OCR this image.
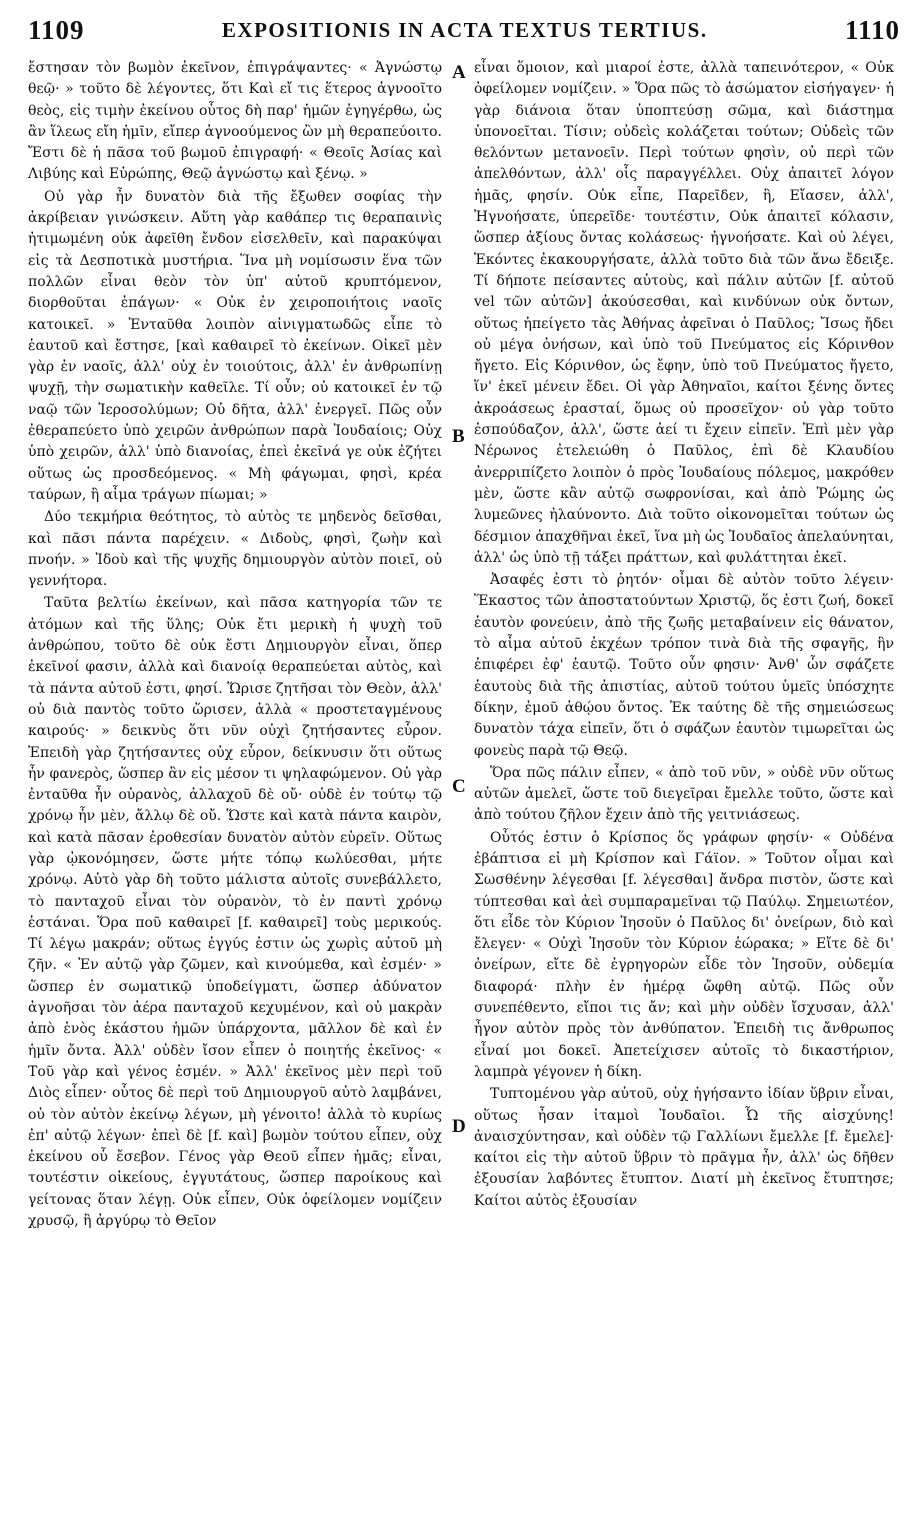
1109	EXPOSITIONIS IN ACTA TEXTUS TERTIUS.	1110

ἔστησαν τὸν βωμὸν ἐκεῖνον, ἐπιγράψαντες· « Ἀγνώστῳ θεῷ· » τοῦτο δὲ λέγοντες, ὅτι Καὶ εἴ τις ἕτερος ἀγνοοῖτο θεὸς, εἰς τιμὴν ἐκείνου οὗτος δὴ παρ' ἡμῶν ἐγηγέρθω, ὡς ἂν ἵλεως εἴη ἡμῖν, εἴπερ ἀγνοούμενος ὢν μὴ θεραπεύοιτο. Ἔστι δὲ ἡ πᾶσα τοῦ βωμοῦ ἐπιγραφή· « Θεοῖς Ἀσίας καὶ Λιβύης καὶ Εὐρώπης, Θεῷ ἀγνώστῳ καὶ ξένῳ. »

Οὐ γὰρ ἦν δυνατὸν διὰ τῆς ἔξωθεν σοφίας τὴν ἀκρίβειαν γινώσκειν. Αὕτη γὰρ καθάπερ τις θεραπαινὶς ἠτιμωμένη οὐκ ἀφεῖθη ἔνδον εἰσελθεῖν, καὶ παρακύψαι εἰς τὰ Δεσποτικὰ μυστήρια. Ἵνα μὴ νομίσωσιν ἕνα τῶν πολλῶν εἶναι θεὸν τὸν ὑπ' αὐτοῦ κρυπτόμενον, διορθοῦται ἐπάγων· « Οὐκ ἐν χειροποιήτοις ναοῖς κατοικεῖ. » Ἐνταῦθα λοιπὸν αἰνιγματωδῶς εἶπε τὸ ἑαυτοῦ καὶ ἔστησε, [καὶ καθαιρεῖ τὸ ἐκείνων. Οἰκεῖ μὲν γὰρ ἐν ναοῖς, ἀλλ' οὐχ ἐν τοιούτοις, ἀλλ' ἐν ἀνθρωπίνῃ ψυχῇ, τὴν σωματικὴν καθεῖλε. Τί οὖν; οὐ κατοικεῖ ἐν τῷ ναῷ τῶν Ἱεροσολύμων; Οὐ δῆτα, ἀλλ' ἐνεργεῖ. Πῶς οὖν ἐθεραπεύετο ὑπὸ χειρῶν ἀνθρώπων παρὰ Ἰουδαίοις; Οὐχ ὑπὸ χειρῶν, ἀλλ' ὑπὸ διανοίας, ἐπεὶ ἐκεῖνά γε οὐκ ἐζήτει οὕτως ὡς προσδεόμενος. « Μὴ φάγωμαι, φησὶ, κρέα ταύρων, ἢ αἷμα τράγων πίωμαι; »

Δύο τεκμήρια θεότητος, τὸ αὐτὸς τε μηδενὸς δεῖσθαι, καὶ πᾶσι πάντα παρέχειν. « Διδοὺς, φησὶ, ζωὴν καὶ πνοήν. » Ἰδοὺ καὶ τῆς ψυχῆς δημιουργὸν αὐτὸν ποιεῖ, οὐ γεννήτορα.

Ταῦτα βελτίω ἐκείνων, καὶ πᾶσα κατηγορία τῶν τε ἀτόμων καὶ τῆς ὕλης; Οὐκ ἔτι μερικὴ ἡ ψυχὴ τοῦ ἀνθρώπου, τοῦτο δὲ οὐκ ἔστι Δημιουργὸν εἶναι, ὅπερ ἐκεῖνοί φασιν, ἀλλὰ καὶ διανοίᾳ θεραπεύεται αὐτὸς, καὶ τὰ πάντα αὐτοῦ ἐστι, φησί. Ὥρισε ζητῆσαι τὸν Θεὸν, ἀλλ' οὐ διὰ παντὸς τοῦτο ὥρισεν, ἀλλὰ « προστεταγμένους καιρούς· » δεικνὺς ὅτι νῦν οὐχὶ ζητήσαντες εὗρον. Ἐπειδὴ γὰρ ζητήσαντες οὐχ εὗρον, δείκνυσιν ὅτι οὕτως ἦν φανερὸς, ὥσπερ ἂν εἰς μέσον τι ψηλαφώμενον. Οὐ γὰρ ἐνταῦθα ἦν οὐρανὸς, ἀλλαχοῦ δὲ οὔ· οὐδὲ ἐν τούτῳ τῷ χρόνῳ ἦν μὲν, ἄλλῳ δὲ οὔ. Ὥστε καὶ κατὰ πάντα καιρὸν, καὶ κατὰ πᾶσαν ἐροθεσίαν δυνατὸν αὐτὸν εὑρεῖν. Οὕτως γὰρ ᾠκονόμησεν, ὥστε μήτε τόπῳ κωλύεσθαι, μήτε χρόνῳ. Αὐτὸ γὰρ δὴ τοῦτο μάλιστα αὐτοῖς συνεβάλλετο, τὸ πανταχοῦ εἶναι τὸν οὐρανὸν, τὸ ἐν παντὶ χρόνῳ ἑστάναι. Ὅρα ποῦ καθαιρεῖ [f. καθαιρεῖ] τοὺς μερικούς. Τί λέγω μακράν; οὕτως ἐγγύς ἐστιν ὡς χωρὶς αὐτοῦ μὴ ζῆν. « Ἐν αὐτῷ γὰρ ζῶμεν, καὶ κινούμεθα, καὶ ἐσμέν· » ὥσπερ ἐν σωματικῷ ὑποδείγματι, ὥσπερ ἀδύνατον ἀγνοῆσαι τὸν ἀέρα πανταχοῦ κεχυμένον, καὶ οὐ μακρὰν ἀπὸ ἑνὸς ἑκάστου ἡμῶν ὑπάρχοντα, μᾶλλον δὲ καὶ ἐν ἡμῖν ὄντα. Ἀλλ' οὐδὲν ἴσον εἶπεν ὁ ποιητής ἐκεῖνος· « Τοῦ γὰρ καὶ γένος ἐσμέν. » Ἀλλ' ἐκεῖνος μὲν περὶ τοῦ Διὸς εἶπεν· οὗτος δὲ περὶ τοῦ Δημιουργοῦ αὐτὸ λαμβάνει, οὐ τὸν αὐτὸν ἐκείνῳ λέγων, μὴ γένοιτο! ἀλλὰ τὸ κυρίως ἐπ' αὐτῷ λέγων· ἐπεὶ δὲ [f. καὶ] βωμὸν τούτου εἶπεν, οὐχ ἐκείνου οὗ ἔσεβον. Γένος γὰρ Θεοῦ εἶπεν ἡμᾶς; εἶναι, τουτέστιν οἰκείους, ἐγγυτάτους, ὥσπερ παροίκους καὶ γείτονας ὅταν λέγῃ. Οὐκ εἶπεν, Οὐκ ὀφείλομεν νομίζειν χρυσῷ, ἢ ἀργύρῳ τὸ Θεῖον

εἶναι ὅμοιον, καὶ μιαροί ἐστε, ἀλλὰ ταπεινότερον, « Οὐκ ὀφείλομεν νομίζειν. » Ὅρα πῶς τὸ ἀσώματον εἰσήγαγεν· ἡ γὰρ διάνοια ὅταν ὑποπτεύσῃ σῶμα, καὶ διάστημα ὑπονοεῖται. Τίσιν; οὐδεὶς κολάζεται τούτων; Οὐδεὶς τῶν θελόντων μετανοεῖν. Περὶ τούτων φησὶν, οὐ περὶ τῶν ἀπελθόντων, ἀλλ' οἷς παραγγέλλει. Οὐχ ἀπαιτεῖ λόγον ἡμᾶς, φησίν. Οὐκ εἶπε, Παρεῖδεν, ἢ, Εἴασεν, ἀλλ', Ἠγνοήσατε, ὑπερεῖδε· τουτέστιν, Οὐκ ἀπαιτεῖ κόλασιν, ὥσπερ ἀξίους ὄντας κολάσεως· ἠγνοήσατε. Καὶ οὐ λέγει, Ἑκόντες ἐκακουργήσατε, ἀλλὰ τοῦτο διὰ τῶν ἄνω ἔδειξε. Τί δήποτε πείσαντες αὐτοὺς, καὶ πάλιν αὐτῶν [f. αὐτοῦ vel τῶν αὐτῶν] ἀκούσεσθαι, καὶ κινδύνων οὐκ ὄντων, οὕτως ἠπείγετο τὰς Ἀθήνας ἀφεῖναι ὁ Παῦλος; Ἴσως ἤδει οὐ μέγα ὀνήσων, καὶ ὑπὸ τοῦ Πνεύματος εἰς Κόρινθον ἤγετο. Εἰς Κόρινθον, ὡς ἔφην, ὑπὸ τοῦ Πνεύματος ἤγετο, ἵν' ἐκεῖ μένειν ἔδει. Οἱ γὰρ Ἀθηναῖοι, καίτοι ξένης ὄντες ἀκροάσεως ἐρασταί, ὅμως οὐ προσεῖχον· οὐ γὰρ τοῦτο ἐσπούδαζον, ἀλλ', ὥστε ἀεί τι ἔχειν εἰπεῖν. Ἐπὶ μὲν γὰρ Νέρωνος ἐτελειώθη ὁ Παῦλος, ἐπὶ δὲ Κλαυδίου ἀνερριπίζετο λοιπὸν ὁ πρὸς Ἰουδαίους πόλεμος, μακρόθεν μὲν, ὥστε κἂν αὐτῷ σωφρονίσαι, καὶ ἀπὸ Ῥώμης ὡς λυμεῶνες ἠλαύνοντο. Διὰ τοῦτο οἰκονομεῖται τούτων ὡς δέσμιον ἀπαχθῆναι ἐκεῖ, ἵνα μὴ ὡς Ἰουδαῖος ἀπελαύνηται, ἀλλ' ὡς ὑπὸ τῇ τάξει πράττων, καὶ φυλάττηται ἐκεῖ.

Ἀσαφές ἐστι τὸ ῥητόν· οἶμαι δὲ αὐτὸν τοῦτο λέγειν· Ἕκαστος τῶν ἀποστατούντων Χριστῷ, ὅς ἐστι ζωή, δοκεῖ ἑαυτὸν φονεύειν, ἀπὸ τῆς ζωῆς μεταβαίνειν εἰς θάνατον, τὸ αἷμα αὐτοῦ ἐκχέων τρόπον τινὰ διὰ τῆς σφαγῆς, ἣν ἐπιφέρει ἐφ' ἑαυτῷ. Τοῦτο οὖν φησιν· Ἀνθ' ὧν σφάζετε ἑαυτοὺς διὰ τῆς ἀπιστίας, αὐτοῦ τούτου ὑμεῖς ὑπόσχητε δίκην, ἐμοῦ ἀθῴου ὄντος. Ἐκ ταύτης δὲ τῆς σημειώσεως δυνατὸν τάχα εἰπεῖν, ὅτι ὁ σφάζων ἑαυτὸν τιμωρεῖται ὡς φονεὺς παρὰ τῷ Θεῷ.

Ὅρα πῶς πάλιν εἶπεν, « ἀπὸ τοῦ νῦν, » οὐδὲ νῦν οὕτως αὐτῶν ἀμελεῖ, ὥστε τοῦ διεγεῖραι ἔμελλε τοῦτο, ὥστε καὶ ἀπὸ τούτου ζῆλον ἔχειν ἀπὸ τῆς γειτνιάσεως.

Οὗτός ἐστιν ὁ Κρίσπος ὅς γράφων φησίν· « Οὐδένα ἐβάπτισα εἰ μὴ Κρίσπον καὶ Γάϊον. » Τοῦτον οἶμαι καὶ Σωσθένην λέγεσθαι [f. λέγεσθαι] ἄνδρα πιστὸν, ὥστε καὶ τύπτεσθαι καὶ ἀεὶ συμπαραμεῖναι τῷ Παύλῳ. Σημειωτέον, ὅτι εἶδε τὸν Κύριον Ἰησοῦν ὁ Παῦλος δι' ὀνείρων, διὸ καὶ ἔλεγεν· « Οὐχὶ Ἰησοῦν τὸν Κύριον ἑώρακα; » Εἴτε δὲ δι' ὀνείρων, εἴτε δὲ ἐγρηγορὼν εἶδε τὸν Ἰησοῦν, οὐδεμία διαφορά· πλὴν ἐν ἡμέρᾳ ὤφθη αὐτῷ. Πῶς οὖν συνεπέθεντο, εἴποι τις ἄν; καὶ μὴν οὐδὲν ἴσχυσαν, ἀλλ' ἦγον αὐτὸν πρὸς τὸν ἀνθύπατον. Ἐπειδὴ τις ἄνθρωπος εἶναί μοι δοκεῖ. Ἀπετείχισεν αὐτοῖς τὸ δικαστήριον, λαμπρὰ γέγονεν ἡ δίκη.

Τυπτομένου γὰρ αὐτοῦ, οὐχ ἡγήσαντο ἰδίαν ὕβριν εἶναι, οὕτως ἦσαν ἰταμοὶ Ἰουδαῖοι. Ὦ τῆς αἰσχύνης! ἀναισχύντησαν, καὶ οὐδὲν τῷ Γαλλίωνι ἔμελλε [f. ἔμελε]· καίτοι εἰς τὴν αὐτοῦ ὕβριν τὸ πρᾶγμα ἦν, ἀλλ' ὡς δῆθεν ἐξουσίαν λαβόντες ἔτυπτον. Διατί μὴ ἐκεῖνος ἔτυπτησε; Καίτοι αὐτὸς ἐξουσίαν

A
B
C
D
